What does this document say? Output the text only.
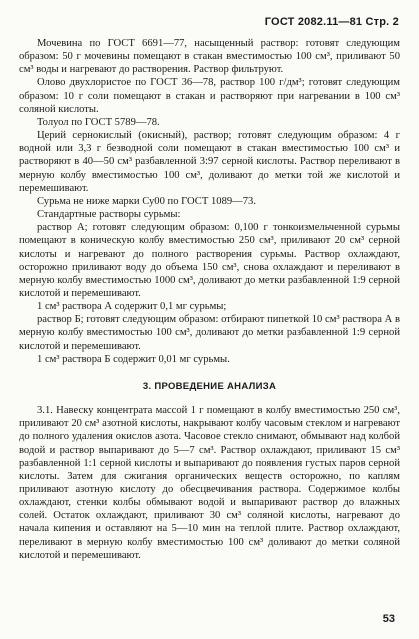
ГОСТ 2082.11—81 Стр. 2

Мочевина по ГОСТ 6691—77, насыщенный раствор: готовят следующим образом: 50 г мочевины помещают в стакан вместимостью 100 см³, приливают 50 см³ воды и нагревают до растворения. Раствор фильтруют.

Олово двухлористое по ГОСТ 36—78, раствор 100 г/дм³; готовят следующим образом: 10 г соли помещают в стакан и растворяют при нагревании в 100 см³ соляной кислоты.

Толуол по ГОСТ 5789—78.

Церий сернокислый (окисный), раствор; готовят следующим образом: 4 г водной или 3,3 г безводной соли помещают в стакан вместимостью 100 см³ и растворяют в 40—50 см³ разбавленной 3:97 серной кислоты. Раствор переливают в мерную колбу вместимостью 100 см³, доливают до метки той же кислотой и перемешивают.

Сурьма не ниже марки Су00 по ГОСТ 1089—73.

Стандартные растворы сурьмы:

раствор А; готовят следующим образом: 0,100 г тонкоизмельченной сурьмы помещают в коническую колбу вместимостью 250 см³, приливают 20 см³ серной кислоты и нагревают до полного растворения сурьмы. Раствор охлаждают, осторожно приливают воду до объема 150 см³, снова охлаждают и переливают в мерную колбу вместимостью 1000 см³, доливают до метки разбавленной 1:9 серной кислотой и перемешивают.

1 см³ раствора А содержит 0,1 мг сурьмы;

раствор Б; готовят следующим образом: отбирают пипеткой 10 см³ раствора А в мерную колбу вместимостью 100 см³, доливают до метки разбавленной 1:9 серной кислотой и перемешивают.

1 см³ раствора Б содержит 0,01 мг сурьмы.

3. ПРОВЕДЕНИЕ АНАЛИЗА

3.1. Навеску концентрата массой 1 г помещают в колбу вместимостью 250 см³, приливают 20 см³ азотной кислоты, накрывают колбу часовым стеклом и нагревают до полного удаления окислов азота. Часовое стекло снимают, обмывают над колбой водой и раствор выпаривают до 5—7 см³. Раствор охлаждают, приливают 15 см³ разбавленной 1:1 серной кислоты и выпаривают до появления густых паров серной кислоты. Затем для сжигания органических веществ осторожно, по каплям приливают азотную кислоту до обесцвечивания раствора. Содержимое колбы охлаждают, стенки колбы обмывают водой и выпаривают раствор до влажных солей. Остаток охлаждают, приливают 30 см³ соляной кислоты, нагревают до начала кипения и оставляют на 5—10 мин на теплой плите. Раствор охлаждают, переливают в мерную колбу вместимостью 100 см³ доливают до метки соляной кислотой и перемешивают.

53
